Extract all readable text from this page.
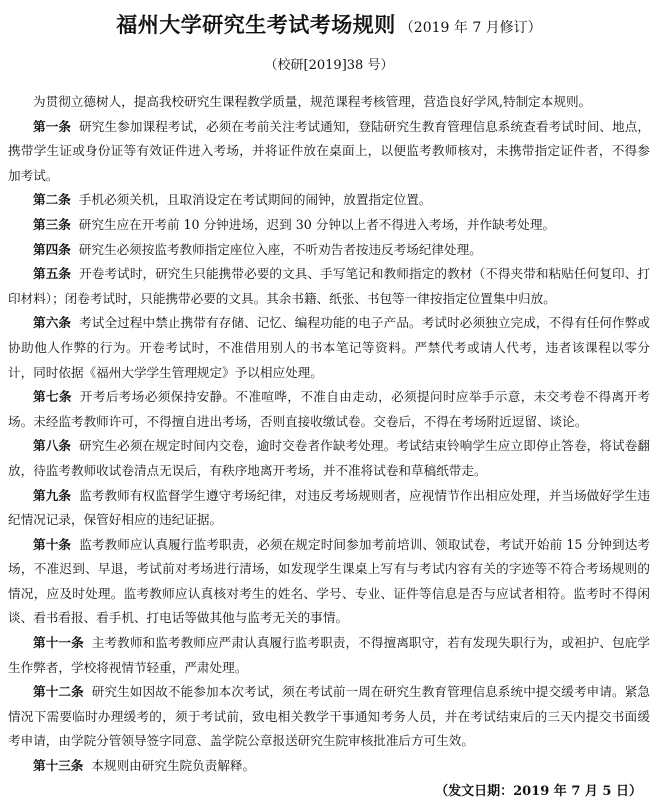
福州大学研究生考试考场规则 （2019 年 7 月修订）
（校研[2019]38 号）

为贯彻立德树人，提高我校研究生课程教学质量，规范课程考核管理，营造良好学风,特制定本规则。

第一条 研究生参加课程考试，必须在考前关注考试通知，登陆研究生教育管理信息系统查看考试时间、地点，携带学生证或身份证等有效证件进入考场，并将证件放在桌面上，以便监考教师核对，未携带指定证件者，不得参加考试。

第二条 手机必须关机，且取消设定在考试期间的闹钟，放置指定位置。

第三条 研究生应在开考前 10 分钟进场，迟到 30 分钟以上者不得进入考场，并作缺考处理。

第四条 研究生必须按监考教师指定座位入座，不听劝告者按违反考场纪律处理。

第五条 开卷考试时，研究生只能携带必要的文具、手写笔记和教师指定的教材（不得夹带和粘贴任何复印、打印材料）；闭卷考试时，只能携带必要的文具。其余书籍、纸张、书包等一律按指定位置集中归放。

第六条 考试全过程中禁止携带有存储、记忆、编程功能的电子产品。考试时必须独立完成，不得有任何作弊或协助他人作弊的行为。开卷考试时，不准借用别人的书本笔记等资料。严禁代考或请人代考，违者该课程以零分计，同时依据《福州大学学生管理规定》予以相应处理。

第七条 开考后考场必须保持安静。不准喧哗，不准自由走动，必须提问时应举手示意，未交考卷不得离开考场。未经监考教师许可，不得擅自进出考场，否则直接收缴试卷。交卷后，不得在考场附近逗留、谈论。

第八条 研究生必须在规定时间内交卷，逾时交卷者作缺考处理。考试结束铃响学生应立即停止答卷，将试卷翻放，待监考教师收试卷清点无误后，有秩序地离开考场，并不准将试卷和草稿纸带走。

第九条 监考教师有权监督学生遵守考场纪律，对违反考场规则者，应视情节作出相应处理，并当场做好学生违纪情况记录，保管好相应的违纪证据。

第十条 监考教师应认真履行监考职责，必须在规定时间参加考前培训、领取试卷，考试开始前 15 分钟到达考场，不准迟到、早退，考试前对考场进行清场，如发现学生课桌上写有与考试内容有关的字迹等不符合考场规则的情况，应及时处理。监考教师应认真核对考生的姓名、学号、专业、证件等信息是否与应试者相符。监考时不得闲谈、看书看报、看手机、打电话等做其他与监考无关的事情。

第十一条 主考教师和监考教师应严肃认真履行监考职责，不得擅离职守，若有发现失职行为，或袒护、包庇学生作弊者，学校将视情节轻重，严肃处理。

第十二条 研究生如因故不能参加本次考试，须在考试前一周在研究生教育管理信息系统中提交缓考申请。紧急情况下需要临时办理缓考的，须于考试前，致电相关教学干事通知考务人员，并在考试结束后的三天内提交书面缓考申请，由学院分管领导签字同意、盖学院公章报送研究生院审核批准后方可生效。

第十三条 本规则由研究生院负责解释。

（发文日期：2019 年 7 月 5 日）
